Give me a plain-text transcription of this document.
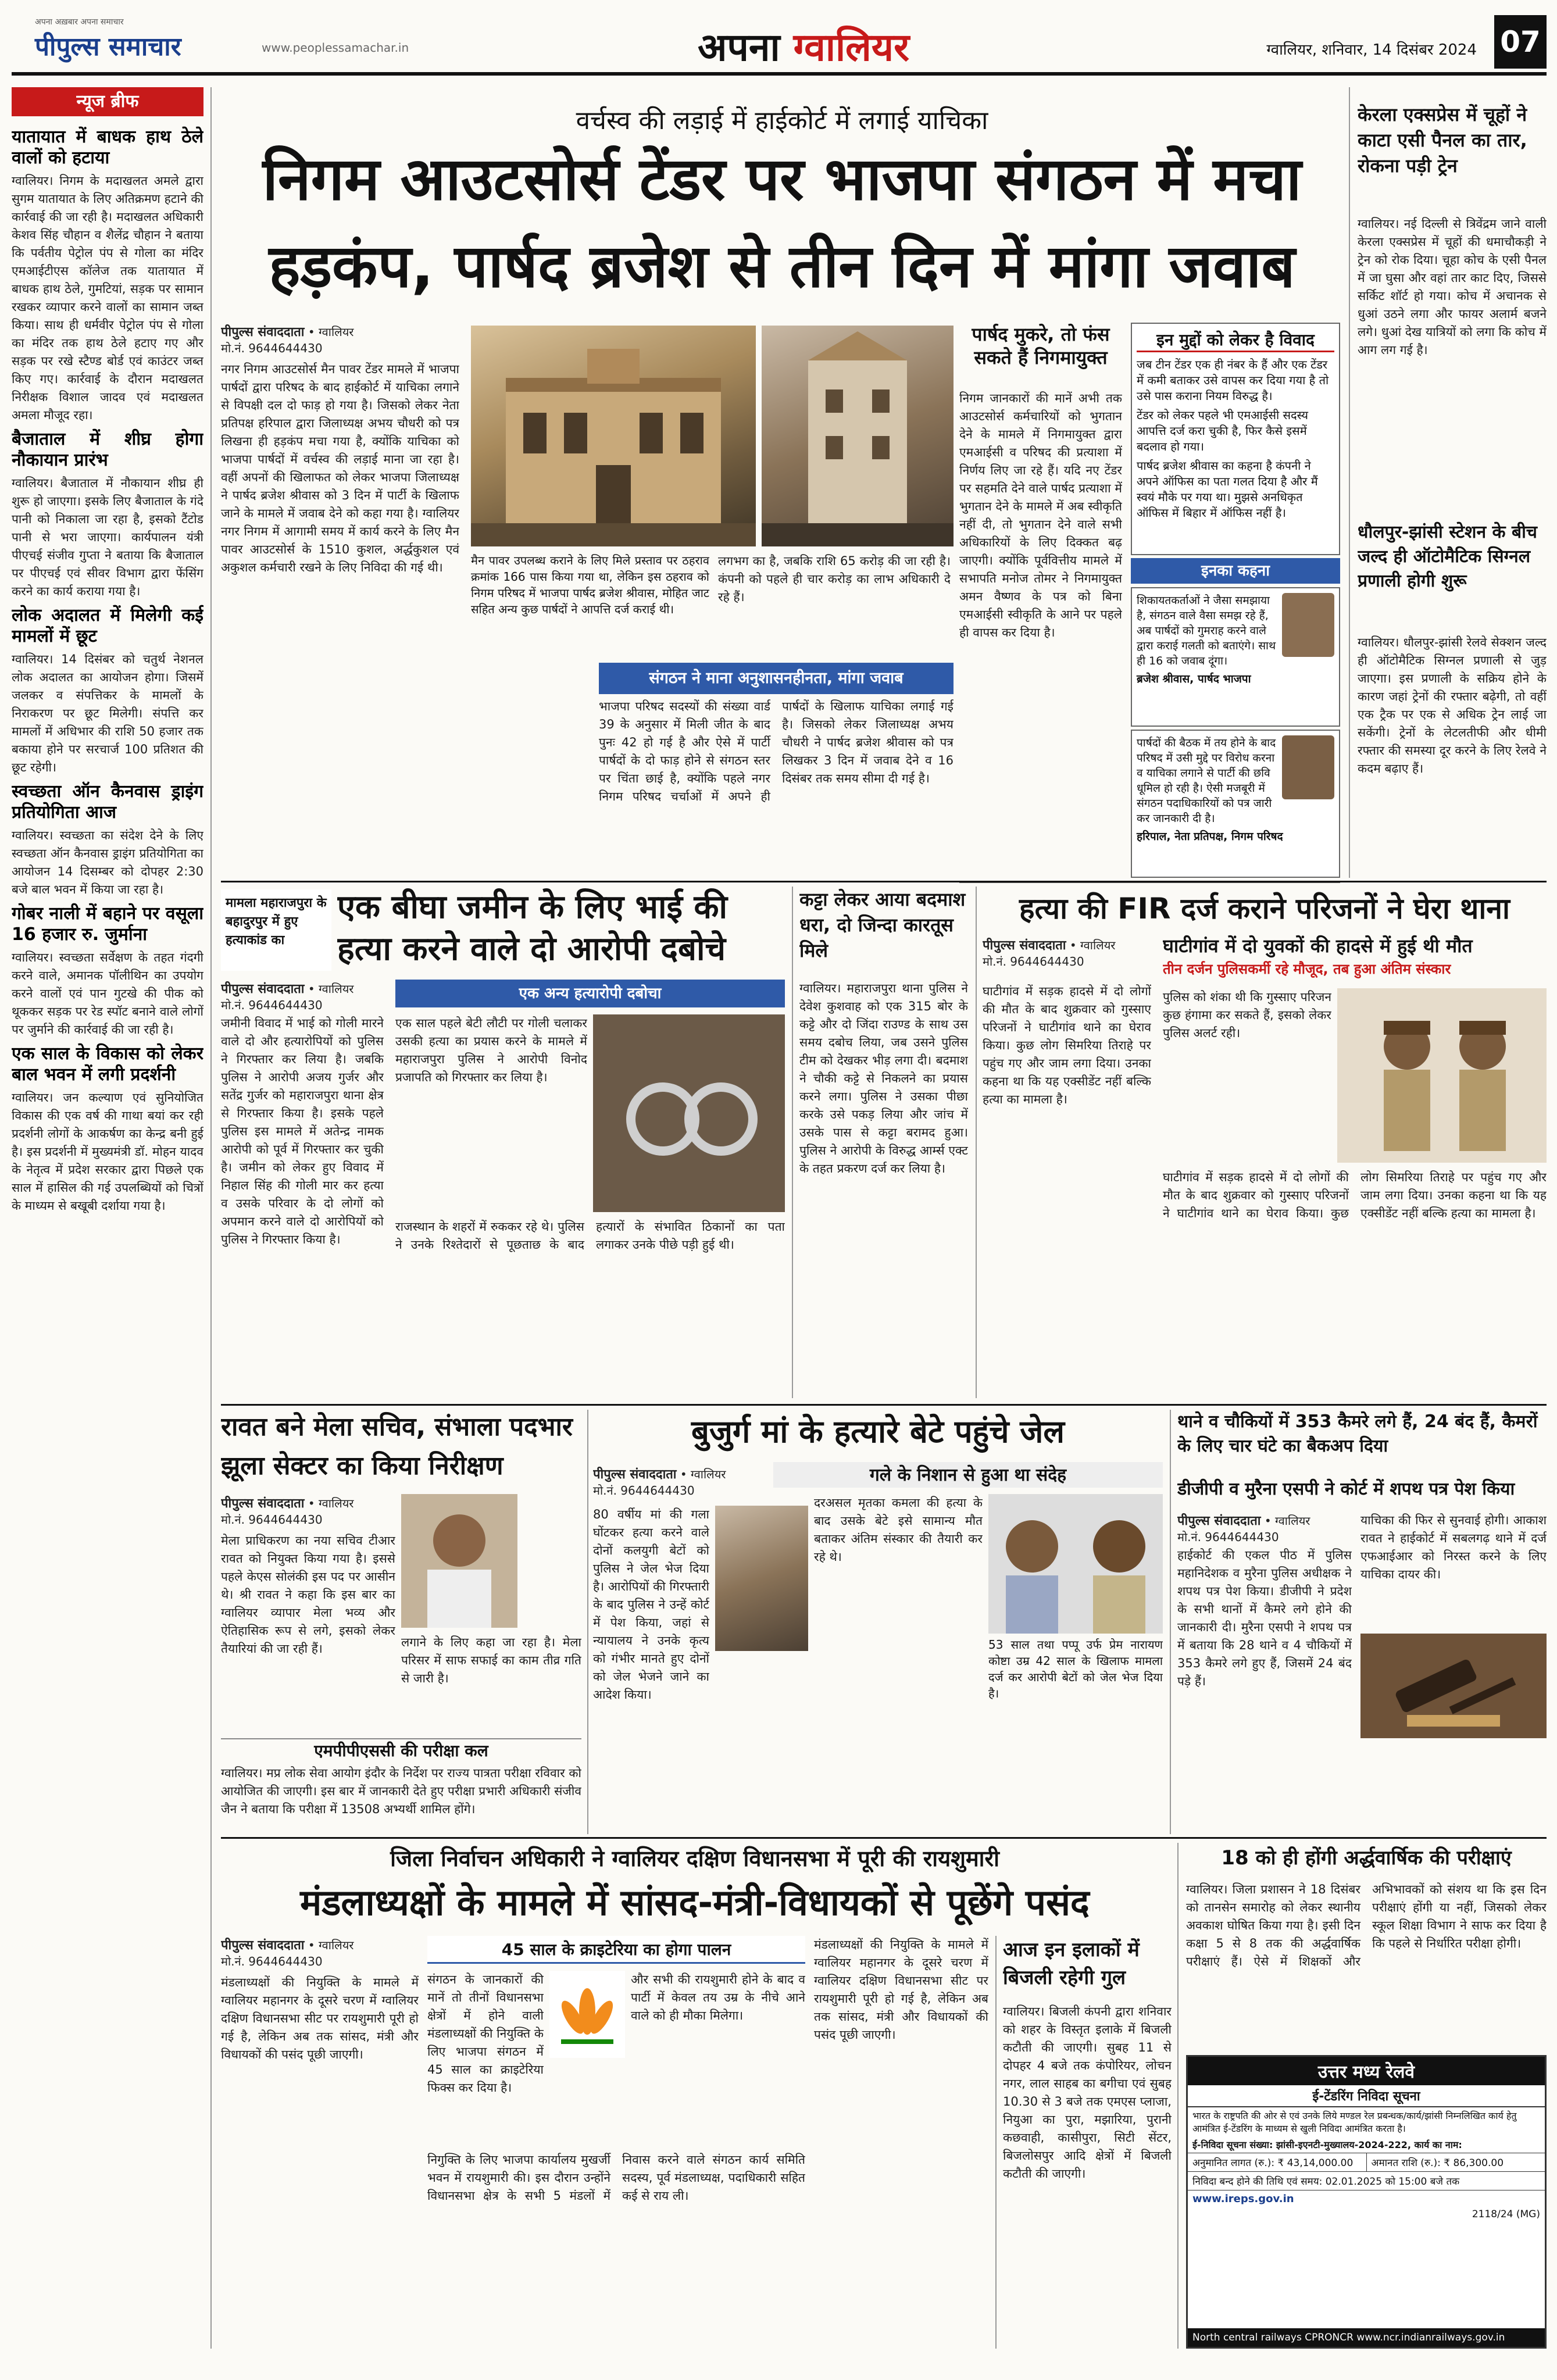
अपना अख़बार अपना समाचार
पीपुल्स समाचार	www.peoplessamachar.in	अपना ग्वालियर	ग्वालियर, शनिवार, 14 दिसंबर 2024 07
न्यूज ब्रीफ
यातायात में बाधक हाथ ठेले वालों को हटाया

ग्वालियर। निगम के मदाखलत अमले द्वारा सुगम यातायात के लिए अतिक्रमण हटाने की कार्रवाई की जा रही है। मदाखलत अधिकारी केशव सिंह चौहान व शैलेंद्र चौहान ने बताया कि पर्वतीय पेट्रोल पंप से गोला का मंदिर एमआईटीएस कॉलेज तक यातायात में बाधक हाथ ठेले, गुमटियां, सड़क पर सामान रखकर व्यापार करने वालों का सामान जब्त किया। साथ ही धर्मवीर पेट्रोल पंप से गोला का मंदिर तक हाथ ठेले हटाए गए और सड़क पर रखे स्टैण्ड बोर्ड एवं काउंटर जब्त किए गए। कार्रवाई के दौरान मदाखलत निरीक्षक विशाल जादव एवं मदाखलत अमला मौजूद रहा।

बैजाताल में शीघ्र होगा नौकायान प्रारंभ

ग्वालियर। बैजाताल में नौकायान शीघ्र ही शुरू हो जाएगा। इसके लिए बैजाताल के गंदे पानी को निकाला जा रहा है, इसको टैंटोड पानी से भरा जाएगा। कार्यपालन यंत्री पीएचई संजीव गुप्ता ने बताया कि बैजाताल पर पीएचई एवं सीवर विभाग द्वारा फेंसिंग करने का कार्य कराया गया है।

लोक अदालत में मिलेगी कई मामलों में छूट

ग्वालियर। 14 दिसंबर को चतुर्थ नेशनल लोक अदालत का आयोजन होगा। जिसमें जलकर व संपत्तिकर के मामलों के निराकरण पर छूट मिलेगी। संपत्ति कर मामलों में अधिभार की राशि 50 हजार तक बकाया होने पर सरचार्ज 100 प्रतिशत की छूट रहेगी।

स्वच्छता ऑन कैनवास ड्राइंग प्रतियोगिता आज

ग्वालियर। स्वच्छता का संदेश देने के लिए स्वच्छता ऑन कैनवास ड्राइंग प्रतियोगिता का आयोजन 14 दिसम्बर को दोपहर 2:30 बजे बाल भवन में किया जा रहा है।

गोबर नाली में बहाने पर वसूला 16 हजार रु. जुर्माना

ग्वालियर। स्वच्छता सर्वेक्षण के तहत गंदगी करने वाले, अमानक पॉलीथिन का उपयोग करने वालों एवं पान गुटखे की पीक को थूककर सड़क पर रेड स्पॉट बनाने वाले लोगों पर जुर्माने की कार्रवाई की जा रही है।

एक साल के विकास को लेकर बाल भवन में लगी प्रदर्शनी

ग्वालियर। जन कल्याण एवं सुनियोजित विकास की एक वर्ष की गाथा बयां कर रही प्रदर्शनी लोगों के आकर्षण का केन्द्र बनी हुई है। इस प्रदर्शनी में मुख्यमंत्री डॉ. मोहन यादव के नेतृत्व में प्रदेश सरकार द्वारा पिछले एक साल में हासिल की गई उपलब्धियों को चित्रों के माध्यम से बखूबी दर्शाया गया है।

वर्चस्व की लड़ाई में हाईकोर्ट में लगाई याचिका
निगम आउटसोर्स टेंडर पर भाजपा संगठन में मचा
हड़कंप, पार्षद ब्रजेश से तीन दिन में मांगा जवाब
पीपुल्स संवाददाता • ग्वालियर
मो.नं. 9644644430
नगर निगम आउटसोर्स मैन पावर टेंडर मामले में भाजपा पार्षदों द्वारा परिषद के बाद हाईकोर्ट में याचिका लगाने से विपक्षी दल दो फाड़ हो गया है। जिसको लेकर नेता प्रतिपक्ष हरिपाल द्वारा जिलाध्यक्ष अभय चौधरी को पत्र लिखना ही हड़कंप मचा गया है, क्योंकि याचिका को भाजपा पार्षदों में वर्चस्व की लड़ाई माना जा रहा है। वहीं अपनों की खिलाफत को लेकर भाजपा जिलाध्यक्ष ने पार्षद ब्रजेश श्रीवास को 3 दिन में पार्टी के खिलाफ जाने के मामले में जवाब देने को कहा गया है। ग्वालियर नगर निगम में आगामी समय में कार्य करने के लिए मैन पावर आउटसोर्स के 1510 कुशल, अर्द्धकुशल एवं अकुशल कर्मचारी रखने के लिए निविदा की गई थी।	मैन पावर उपलब्ध कराने के लिए मिले प्रस्ताव पर ठहराव क्रमांक 166 पास किया गया था, लेकिन इस ठहराव को निगम परिषद में भाजपा पार्षद ब्रजेश श्रीवास, मोहित जाट सहित अन्य कुछ पार्षदों ने आपत्ति दर्ज कराई थी।
लगभग का है, जबकि राशि 65 करोड़ की जा रही है। कंपनी को पहले ही चार करोड़ का लाभ अधिकारी दे रहे हैं।
संगठन ने माना अनुशासनहीनता, मांगा जवाब
भाजपा परिषद सदस्यों की संख्या वार्ड 39 के अनुसार में मिली जीत के बाद पुनः 42 हो गई है और ऐसे में पार्टी पार्षदों के दो फाड़ होने से संगठन स्तर पर चिंता छाई है, क्योंकि पहले नगर निगम परिषद चर्चाओं में अपने ही पार्षदों के खिलाफ याचिका लगाई गई है। जिसको लेकर जिलाध्यक्ष अभय चौधरी ने पार्षद ब्रजेश श्रीवास को पत्र लिखकर 3 दिन में जवाब देने व 16 दिसंबर तक समय सीमा दी गई है।
पार्षद मुकरे, तो फंस सकते हैं निगमायुक्त
निगम जानकारों की मानें अभी तक आउटसोर्स कर्मचारियों को भुगतान देने के मामले में निगमायुक्त द्वारा एमआईसी व परिषद की प्रत्याशा में निर्णय लिए जा रहे हैं। यदि नए टेंडर पर सहमति देने वाले पार्षद प्रत्याशा में भुगतान देने के मामले में अब स्वीकृति नहीं दी, तो भुगतान देने वाले सभी अधिकारियों के लिए दिक्कत बढ़ जाएगी। क्योंकि पूर्ववित्तीय मामले में सभापति मनोज तोमर ने निगमायुक्त अमन वैष्णव के पत्र को बिना एमआईसी स्वीकृति के आने पर पहले ही वापस कर दिया है।
इन मुद्दों को लेकर है विवाद

जब टीन टेंडर एक ही नंबर के हैं और एक टेंडर में कमी बताकर उसे वापस कर दिया गया है तो उसे पास कराना नियम विरुद्ध है।

टेंडर को लेकर पहले भी एमआईसी सदस्य आपत्ति दर्ज करा चुकी है, फिर कैसे इसमें बदलाव हो गया।

पार्षद ब्रजेश श्रीवास का कहना है कंपनी ने अपने ऑफिस का पता गलत दिया है और मैं स्वयं मौके पर गया था। मुझसे अनधिकृत ऑफिस में बिहार में ऑफिस नहीं है।

इनका कहना
शिकायतकर्ताओं ने जैसा समझाया है, संगठन वाले वैसा समझ रहे हैं, अब पार्षदों को गुमराह करने वाले द्वारा कराई गलती को बताएंगे। साथ ही 16 को जवाब दूंगा।
ब्रजेश श्रीवास, पार्षद भाजपा
पार्षदों की बैठक में तय होने के बाद परिषद में उसी मुद्दे पर विरोध करना व याचिका लगाने से पार्टी की छवि धूमिल हो रही है। ऐसी मजबूरी में संगठन पदाधिकारियों को पत्र जारी कर जानकारी दी है।
हरिपाल, नेता प्रतिपक्ष, निगम परिषद
केरला एक्सप्रेस में चूहों ने काटा एसी पैनल का तार, रोकना पड़ी ट्रेन
ग्वालियर। नई दिल्ली से त्रिवेंद्रम जाने वाली केरला एक्सप्रेस में चूहों की धमाचौकड़ी ने ट्रेन को रोक दिया। चूहा कोच के एसी पैनल में जा घुसा और वहां तार काट दिए, जिससे सर्किट शॉर्ट हो गया। कोच में अचानक से धुआं उठने लगा और फायर अलार्म बजने लगे। धुआं देख यात्रियों को लगा कि कोच में आग लग गई है।
धौलपुर-झांसी स्टेशन के बीच जल्द ही ऑटोमैटिक सिग्नल प्रणाली होगी शुरू
ग्वालियर। धौलपुर-झांसी रेलवे सेक्शन जल्द ही ऑटोमैटिक सिग्नल प्रणाली से जुड़ जाएगा। इस प्रणाली के सक्रिय होने के कारण जहां ट्रेनों की रफ्तार बढ़ेगी, तो वहीं एक ट्रैक पर एक से अधिक ट्रेन लाई जा सकेंगी। ट्रेनों के लेटलतीफी और धीमी रफ्तार की समस्या दूर करने के लिए रेलवे ने कदम बढ़ाए हैं।
मामला महाराजपुरा के बहादुरपुर में हुए हत्याकांड का
एक बीघा जमीन के लिए भाई की हत्या करने वाले दो आरोपी दबोचे
पीपुल्स संवाददाता • ग्वालियर
मो.नं. 9644644430
जमीनी विवाद में भाई को गोली मारने वाले दो और हत्यारोपियों को पुलिस ने गिरफ्तार कर लिया है। जबकि पुलिस ने आरोपी अजय गुर्जर और सतेंद्र गुर्जर को महाराजपुरा थाना क्षेत्र से गिरफ्तार किया है। इसके पहले पुलिस इस मामले में अतेन्द्र नामक आरोपी को पूर्व में गिरफ्तार कर चुकी है। जमीन को लेकर हुए विवाद में निहाल सिंह की गोली मार कर हत्या व उसके परिवार के दो लोगों को अपमान करने वाले दो आरोपियों को पुलिस ने गिरफ्तार किया है।
एक अन्य हत्यारोपी दबोचा
एक साल पहले बेटी लौटी पर गोली चलाकर उसकी हत्या का प्रयास करने के मामले में महाराजपुरा पुलिस ने आरोपी विनोद प्रजापति को गिरफ्तार कर लिया है।
राजस्थान के शहरों में रुककर रहे थे। पुलिस ने उनके रिश्तेदारों से पूछताछ के बाद हत्यारों के संभावित ठिकानों का पता लगाकर उनके पीछे पड़ी हुई थी।
कट्टा लेकर आया बदमाश धरा, दो जिन्दा कारतूस मिले
ग्वालियर। महाराजपुरा थाना पुलिस ने देवेश कुशवाह को एक 315 बोर के कट्टे और दो जिंदा राउण्ड के साथ उस समय दबोच लिया, जब उसने पुलिस टीम को देखकर भीड़ लगा दी। बदमाश ने चौकी कट्टे से निकलने का प्रयास करने लगा। पुलिस ने उसका पीछा करके उसे पकड़ लिया और जांच में उसके पास से कट्टा बरामद हुआ। पुलिस ने आरोपी के विरुद्ध आर्म्स एक्ट के तहत प्रकरण दर्ज कर लिया है।
हत्या की FIR दर्ज कराने परिजनों ने घेरा थाना
पीपुल्स संवाददाता • ग्वालियर
मो.नं. 9644644430
घाटीगांव में दो युवकों की हादसे में हुई थी मौत
तीन दर्जन पुलिसकर्मी रहे मौजूद, तब हुआ अंतिम संस्कार
घाटीगांव में सड़क हादसे में दो लोगों की मौत के बाद शुक्रवार को गुस्साए परिजनों ने घाटीगांव थाने का घेराव किया। कुछ लोग सिमरिया तिराहे पर पहुंच गए और जाम लगा दिया। उनका कहना था कि यह एक्सीडेंट नहीं बल्कि हत्या का मामला है।
पुलिस को शंका थी कि गुस्साए परिजन कुछ हंगामा कर सकते हैं, इसको लेकर पुलिस अलर्ट रही।
घाटीगांव में सड़क हादसे में दो लोगों की मौत के बाद शुक्रवार को गुस्साए परिजनों ने घाटीगांव थाने का घेराव किया। कुछ लोग सिमरिया तिराहे पर पहुंच गए और जाम लगा दिया। उनका कहना था कि यह एक्सीडेंट नहीं बल्कि हत्या का मामला है।
रावत बने मेला सचिव, संभाला पदभार
झूला सेक्टर का किया निरीक्षण
पीपुल्स संवाददाता • ग्वालियर
मो.नं. 9644644430
मेला प्राधिकरण का नया सचिव टीआर रावत को नियुक्त किया गया है। इससे पहले केएस सोलंकी इस पद पर आसीन थे। श्री रावत ने कहा कि इस बार का ग्वालियर व्यापार मेला भव्य और ऐतिहासिक रूप से लगे, इसको लेकर तैयारियां की जा रही हैं।	लगाने के लिए कहा जा रहा है। मेला परिसर में साफ सफाई का काम तीव्र गति से जारी है।
एमपीपीएससी की परीक्षा कल
ग्वालियर। मप्र लोक सेवा आयोग इंदौर के निर्देश पर राज्य पात्रता परीक्षा रविवार को आयोजित की जाएगी। इस बार में जानकारी देते हुए परीक्षा प्रभारी अधिकारी संजीव जैन ने बताया कि परीक्षा में 13508 अभ्यर्थी शामिल होंगे।
बुजुर्ग मां के हत्यारे बेटे पहुंचे जेल
पीपुल्स संवाददाता • ग्वालियर
मो.नं. 9644644430
गले के निशान से हुआ था संदेह
80 वर्षीय मां की गला घोंटकर हत्या करने वाले दोनों कलयुगी बेटों को पुलिस ने जेल भेज दिया है। आरोपियों की गिरफ्तारी के बाद पुलिस ने उन्हें कोर्ट में पेश किया, जहां से न्यायालय ने उनके कृत्य को गंभीर मानते हुए दोनों को जेल भेजने जाने का आदेश किया।
दरअसल मृतका कमला की हत्या के बाद उसके बेटे इसे सामान्य मौत बताकर अंतिम संस्कार की तैयारी कर रहे थे।
53 साल तथा पप्पू उर्फ प्रेम नारायण कोष्टा उम्र 42 साल के खिलाफ मामला दर्ज कर आरोपी बेटों को जेल भेज दिया है।
थाने व चौकियों में 353 कैमरे लगे हैं, 24 बंद हैं, कैमरों के लिए चार घंटे का बैकअप दिया
डीजीपी व मुरैना एसपी ने कोर्ट में शपथ पत्र पेश किया
पीपुल्स संवाददाता • ग्वालियर
मो.नं. 9644644430
हाईकोर्ट की एकल पीठ में पुलिस महानिदेशक व मुरैना पुलिस अधीक्षक ने शपथ पत्र पेश किया। डीजीपी ने प्रदेश के सभी थानों में कैमरे लगे होने की जानकारी दी। मुरैना एसपी ने शपथ पत्र में बताया कि 28 थाने व 4 चौकियों में 353 कैमरे लगे हुए हैं, जिसमें 24 बंद पड़े हैं।
याचिका की फिर से सुनवाई होगी। आकाश रावत ने हाईकोर्ट में सबलगढ़ थाने में दर्ज एफआईआर को निरस्त करने के लिए याचिका दायर की।
जिला निर्वाचन अधिकारी ने ग्वालियर दक्षिण विधानसभा में पूरी की रायशुमारी
मंडलाध्यक्षों के मामले में सांसद-मंत्री-विधायकों से पूछेंगे पसंद
पीपुल्स संवाददाता • ग्वालियर
मो.नं. 9644644430
मंडलाध्यक्षों की नियुक्ति के मामले में ग्वालियर महानगर के दूसरे चरण में ग्वालियर दक्षिण विधानसभा सीट पर रायशुमारी पूरी हो गई है, लेकिन अब तक सांसद, मंत्री और विधायकों की पसंद पूछी जाएगी।
45 साल के क्राइटेरिया का होगा पालन
संगठन के जानकारों की मानें तो तीनों विधानसभा क्षेत्रों में होने वाली मंडलाध्यक्षों की नियुक्ति के लिए भाजपा संगठन में 45 साल का क्राइटेरिया फिक्स कर दिया है।
और सभी की रायशुमारी होने के बाद व पार्टी में केवल तय उम्र के नीचे आने वाले को ही मौका मिलेगा।
निगुक्ति के लिए भाजपा कार्यालय मुखर्जी भवन में रायशुमारी की। इस दौरान उन्होंने विधानसभा क्षेत्र के सभी 5 मंडलों में निवास करने वाले संगठन कार्य समिति सदस्य, पूर्व मंडलाध्यक्ष, पदाधिकारी सहित कई से राय ली।
मंडलाध्यक्षों की नियुक्ति के मामले में ग्वालियर महानगर के दूसरे चरण में ग्वालियर दक्षिण विधानसभा सीट पर रायशुमारी पूरी हो गई है, लेकिन अब तक सांसद, मंत्री और विधायकों की पसंद पूछी जाएगी।
आज इन इलाकों में बिजली रहेगी गुल
ग्वालियर। बिजली कंपनी द्वारा शनिवार को शहर के विस्तृत इलाके में बिजली कटौती की जाएगी। सुबह 11 से दोपहर 4 बजे तक कंपोरियर, लोचन नगर, लाल साहब का बगीचा एवं सुबह 10.30 से 3 बजे तक एमएस प्लाजा, नियुआ का पुरा, मझारिया, पुरानी कछवाही, कासीपुरा, सिटी सेंटर, बिजलोसपुर आदि क्षेत्रों में बिजली कटौती की जाएगी।
18 को ही होंगी अर्द्धवार्षिक की परीक्षाएं
ग्वालियर। जिला प्रशासन ने 18 दिसंबर को तानसेन समारोह को लेकर स्थानीय अवकाश घोषित किया गया है। इसी दिन कक्षा 5 से 8 तक की अर्द्धवार्षिक परीक्षाएं हैं। ऐसे में शिक्षकों और अभिभावकों को संशय था कि इस दिन परीक्षाएं होंगी या नहीं, जिसको लेकर स्कूल शिक्षा विभाग ने साफ कर दिया है कि पहले से निर्धारित परीक्षा होगी।
उत्तर मध्य रेलवे
ई-टेंडरिंग निविदा सूचना
भारत के राष्ट्रपति की ओर से एवं उनके लिये मण्डल रेल प्रबन्धक/कार्य/झांसी निम्नलिखित कार्य हेतु आमंत्रित ई-टेंडरिंग के माध्यम से खुली निविदा आमंत्रित करता है।
ई-निविदा सूचना संख्या: झांसी-इएनटी-मुख्यालय-2024-222, कार्य का नाम:
अनुमानित लागत (रु.): ₹ 43,14,000.00	अमानत राशि (रु.): ₹ 86,300.00
निविदा बन्द होने की तिथि एवं समय: 02.01.2025 को 15:00 बजे तक
www.ireps.gov.in
2118/24 (MG)
North central railways CPRONCR www.ncr.indianrailways.gov.in
